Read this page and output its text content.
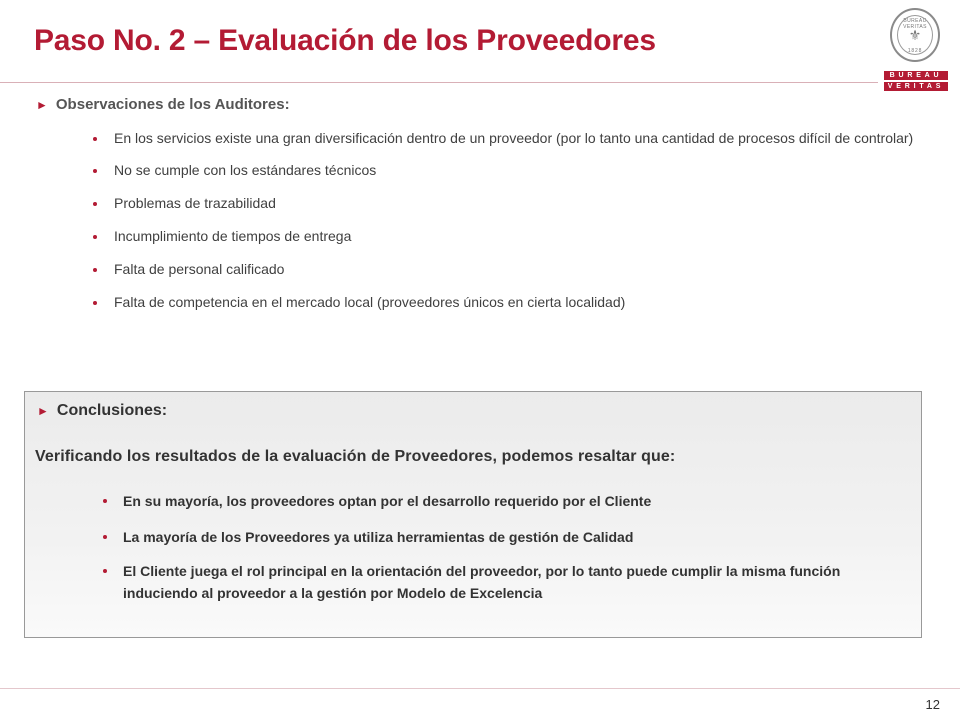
Paso No. 2 – Evaluación de los Proveedores
BUREAU VERITAS
⚜
1828
BUREAU
VERITAS
► Observaciones de los Auditores:
En los servicios existe una gran diversificación dentro de un proveedor (por lo tanto una cantidad de procesos difícil de controlar)
No se cumple con los estándares técnicos
Problemas de trazabilidad
Incumplimiento de tiempos de entrega
Falta de personal calificado
Falta de competencia en el mercado local (proveedores únicos en cierta localidad)
► Conclusiones:
Verificando los resultados de la evaluación de Proveedores, podemos resaltar que:
En su mayoría, los proveedores optan por el desarrollo requerido por el Cliente
La mayoría de los Proveedores ya utiliza herramientas de gestión de Calidad
El Cliente juega el rol principal en la orientación del proveedor, por lo tanto puede cumplir la misma función induciendo al proveedor a la gestión por Modelo de Excelencia
12
